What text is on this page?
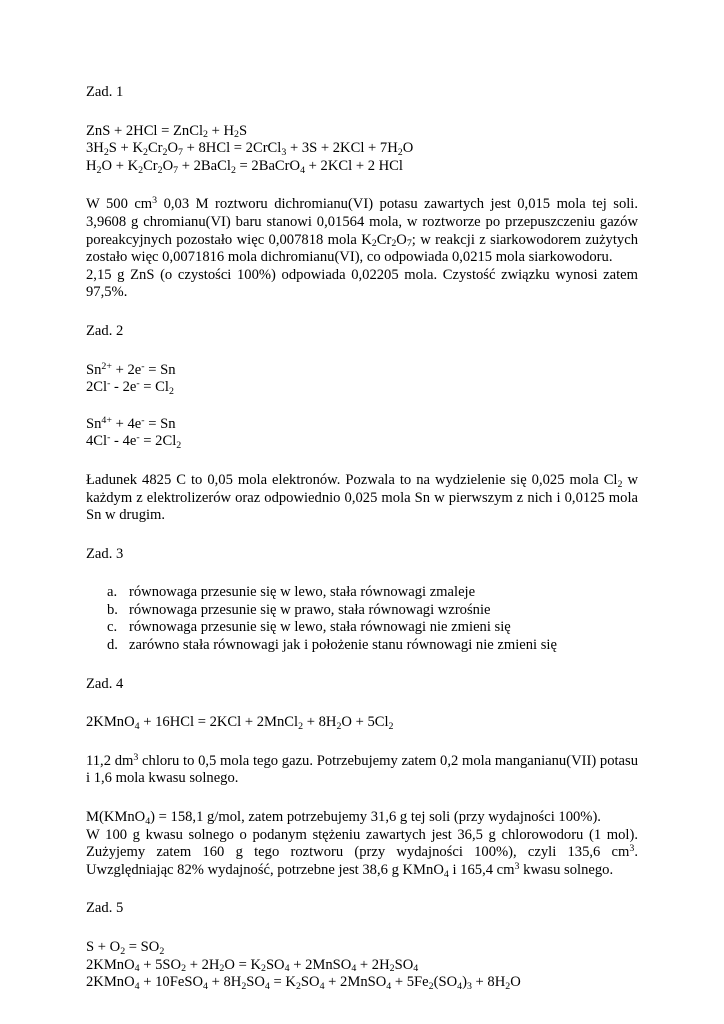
Zad. 1
ZnS + 2HCl = ZnCl$_2$ + $H_2S$
$3H_2S + K_2Cr_2O_7 + 8HCl$ = 2CrCl$_3$ + $3S + 2KCl + 7H_2O$
$H_2O + K_2Cr_2O_7$ + 2BaCl$_2$ = 2BaCrO$_4$ + 2KCl + 2 HCl
W 500 $cm^3$ 0,03 M roztworu dichromianu(VI) potasu zawartych jest 0,015 mola tej soli. 3,9608 g chromianu(VI) baru stanowi 0,01564 mola, w roztworze po przepuszczeniu gazów poreakcyjnych pozostało więc 0,007818 mola $K_2Cr_2O_7$; w reakcji z siarkowodorem zużytych zostało więc 0,0071816 mola dichromianu(VI), co odpowiada 0,0215 mola siarkowodoru.
2,15 g ZnS (o czystości 100%) odpowiada 0,02205 mola. Czystość związku wynosi zatem 97,5%.
Zad. 2
$Sn^{2+} + 2e^- = Sn$
$2Cl^- - 2e^- = Cl_2$
$Sn^{4+} + 4e^- = Sn$
$4Cl^- - 4e^- = 2Cl_2$
Ładunek 4825 C to 0,05 mola elektronów. Pozwala to na wydzielenie się 0,025 mola $Cl_2$ w każdym z elektrolizerów oraz odpowiednio 0,025 mola Sn w pierwszym z nich i 0,0125 mola Sn w drugim.
Zad. 3
a. równowaga przesunie się w lewo, stała równowagi zmaleje
b. równowaga przesunie się w prawo, stała równowagi wzrośnie
c. równowaga przesunie się w lewo, stała równowagi nie zmieni się
d. zarówno stała równowagi jak i położenie stanu równowagi nie zmieni się
Zad. 4
2KMnO$_4$ + 16HCl = 2KCl + 2MnCl$_2$ + $8H_2O + 5Cl_2$
11,2 $dm^3$ chloru to 0,5 mola tego gazu. Potrzebujemy zatem 0,2 mola manganianu(VII) potasu i 1,6 mola kwasu solnego.
M(KMnO$_4$) = 158,1 g/mol, zatem potrzebujemy 31,6 g tej soli (przy wydajności 100%).
W 100 g kwasu solnego o podanym stężeniu zawartych jest 36,5 g chlorowodoru (1 mol). Zużyjemy zatem 160 g tego roztworu (przy wydajności 100%), czyli 135,6 $cm^3$. Uwzględniając 82% wydajność, potrzebne jest 38,6 g KMnO$_4$ i 165,4 $cm^3$ kwasu solnego.
Zad. 5
$S + O_2 = SO_2$
2KMnO$_4$ + $5SO_2 + 2H_2O = K_2SO_4$ + 2MnSO$_4$ + $2H_2SO_4$
2KMnO$_4$ + 10FeSO$_4$ + $8H_2SO_4 = K_2SO_4$ + 2MnSO$_4$ + $5Fe_2(SO_4)_3 + 8H_2O$
